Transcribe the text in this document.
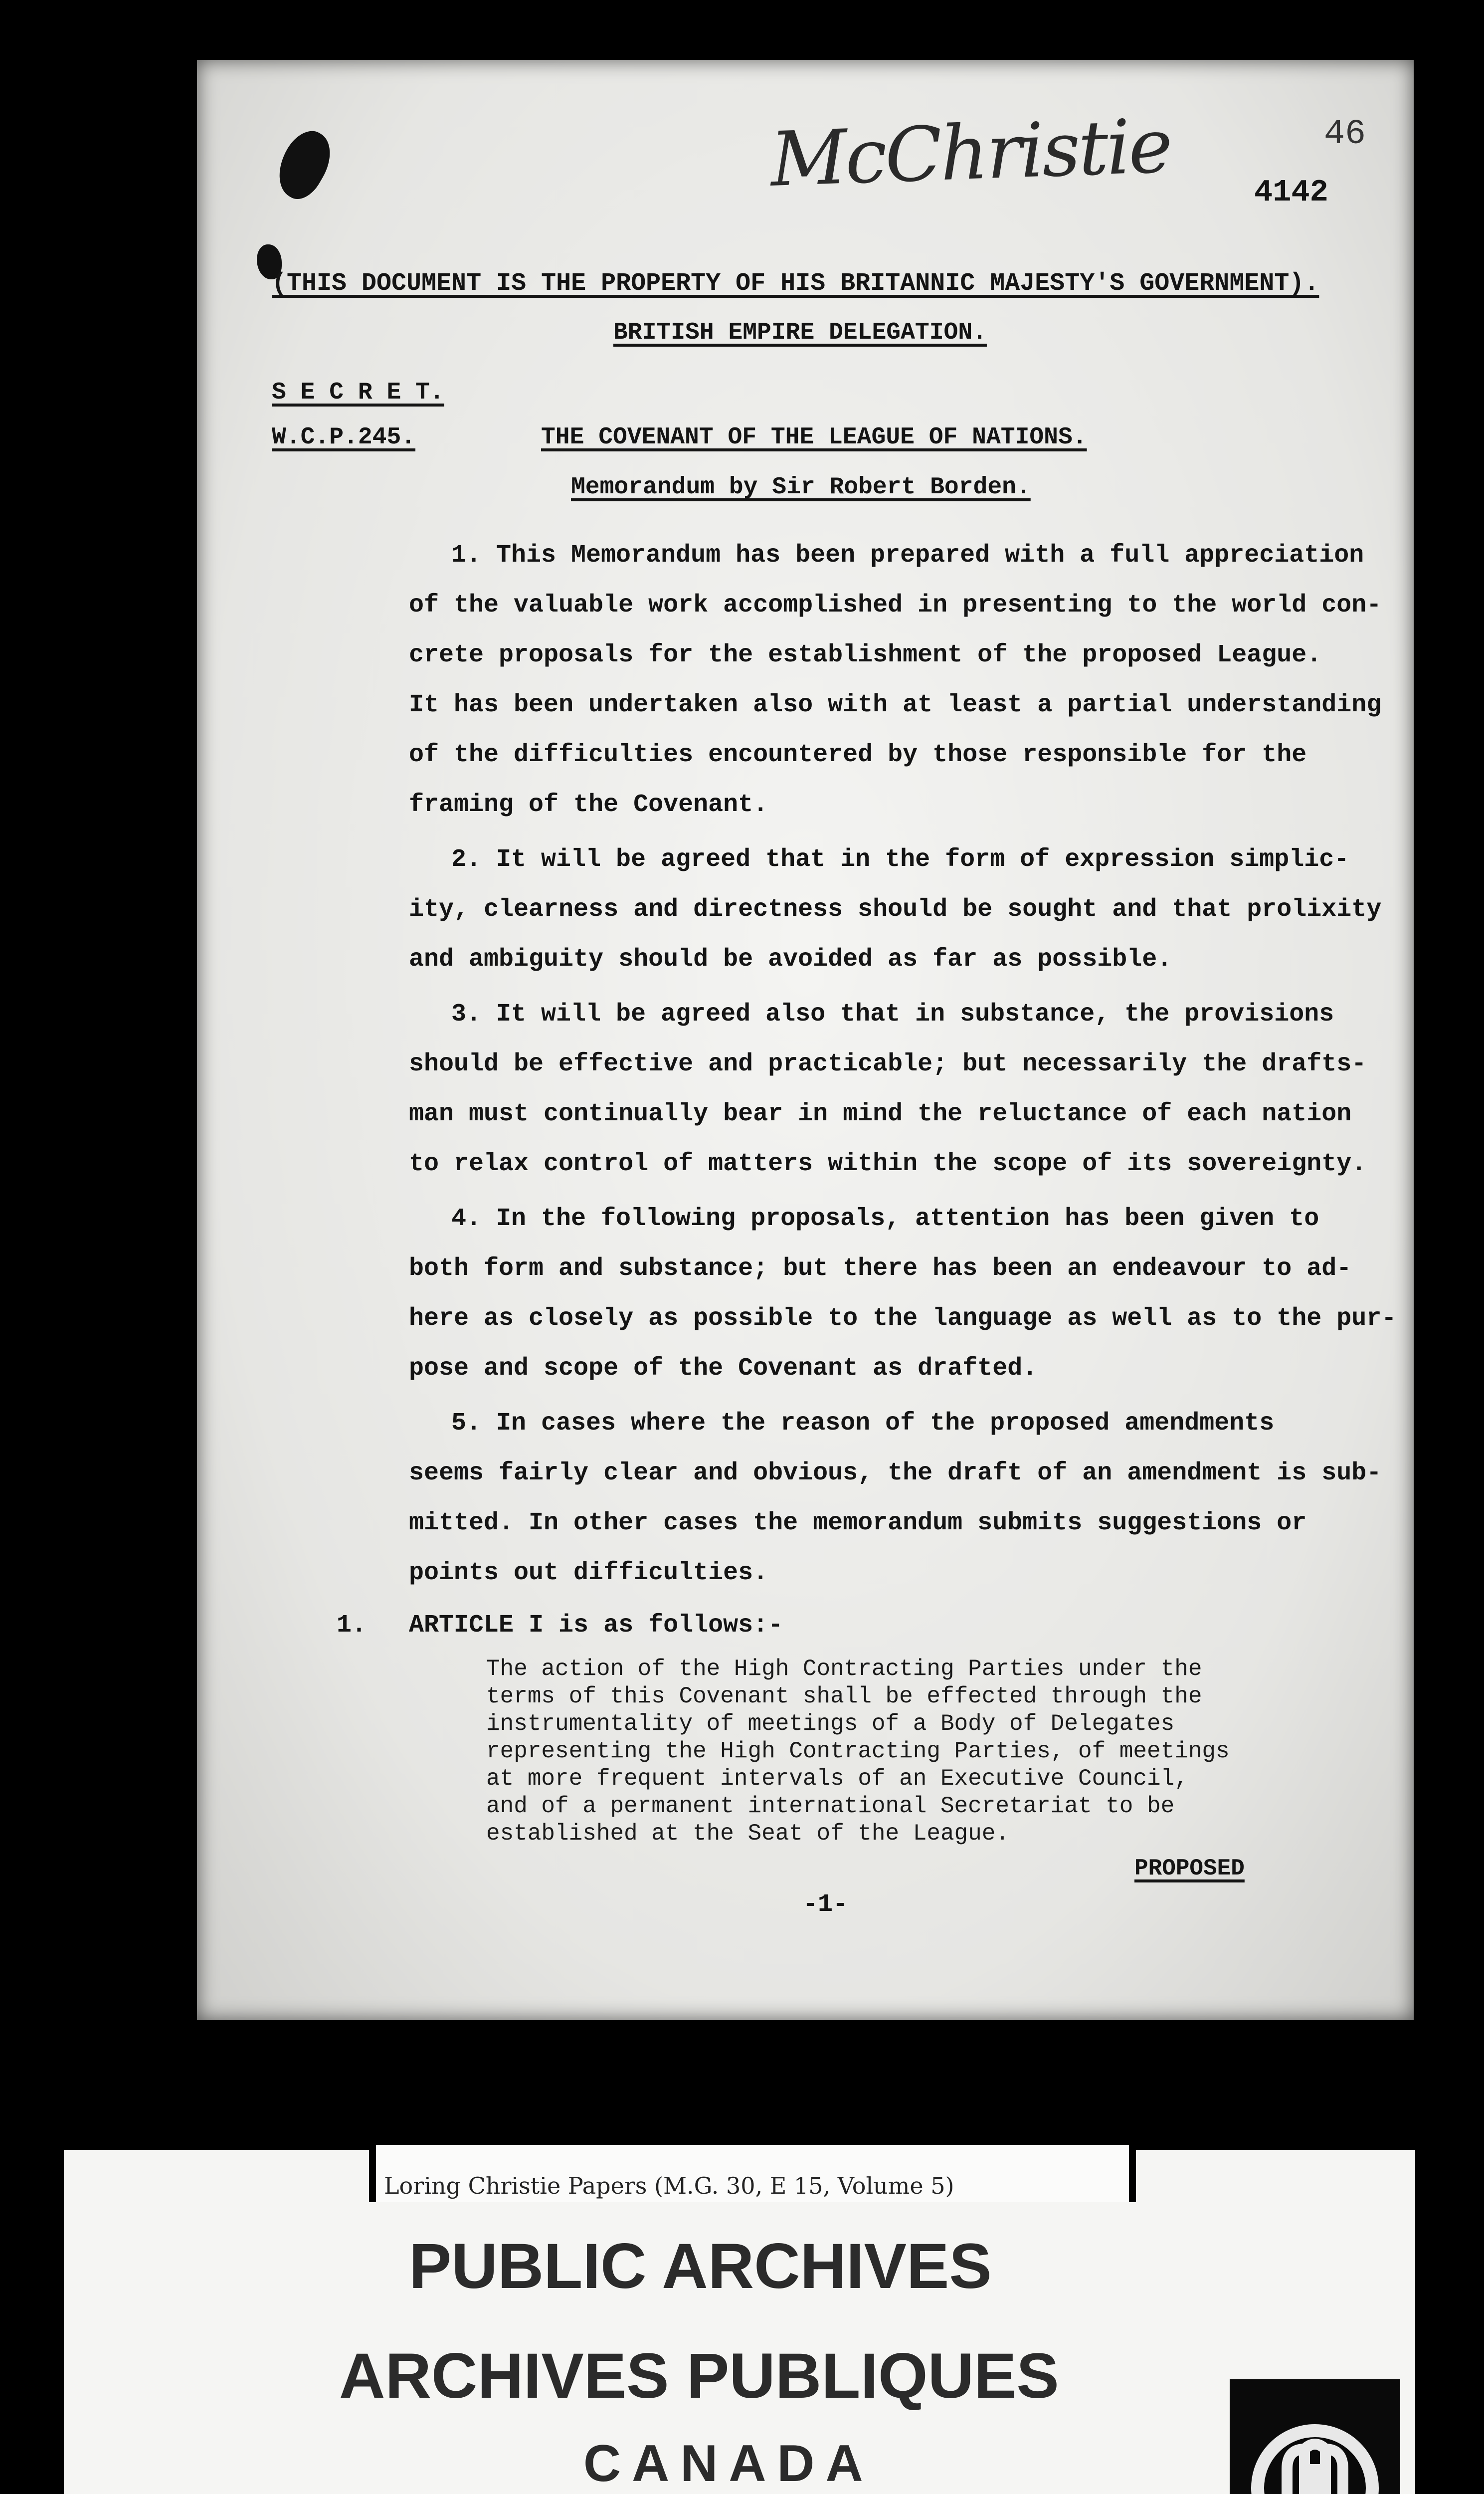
McChristie	46

4142

(THIS DOCUMENT IS THE PROPERTY OF HIS BRITANNIC MAJESTY'S GOVERNMENT).

BRITISH EMPIRE DELEGATION.

S E C R E T.

W.C.P.245.	THE COVENANT OF THE LEAGUE OF NATIONS.

Memorandum by Sir Robert Borden.

1. This Memorandum has been prepared with a full appreciation

of the valuable work accomplished in presenting to the world con-

crete proposals for the establishment of the proposed League.

It has been undertaken also with at least a partial understanding

of the difficulties encountered by those responsible for the

framing of the Covenant.

2. It will be agreed that in the form of expression simplic-

ity, clearness and directness should be sought and that prolixity

and ambiguity should be avoided as far as possible.

3. It will be agreed also that in substance, the provisions

should be effective and practicable; but necessarily the drafts-

man must continually bear in mind the reluctance of each nation

to relax control of matters within the scope of its sovereignty.

4. In the following proposals, attention has been given to

both form and substance; but there has been an endeavour to ad-

here as closely as possible to the language as well as to the pur-

pose and scope of the Covenant as drafted.

5. In cases where the reason of the proposed amendments

seems fairly clear and obvious, the draft of an amendment is sub-

mitted. In other cases the memorandum submits suggestions or

points out difficulties.

1. ARTICLE I is as follows:-

The action of the High Contracting Parties under the

terms of this Covenant shall be effected through the

instrumentality of meetings of a Body of Delegates

representing the High Contracting Parties, of meetings

at more frequent intervals of an Executive Council,

and of a permanent international Secretariat to be

established at the Seat of the League.

PROPOSED

-1-

Loring Christie Papers (M.G. 30, E 15, Volume 5)

PUBLIC ARCHIVES

ARCHIVES PUBLIQUES

CANADA
